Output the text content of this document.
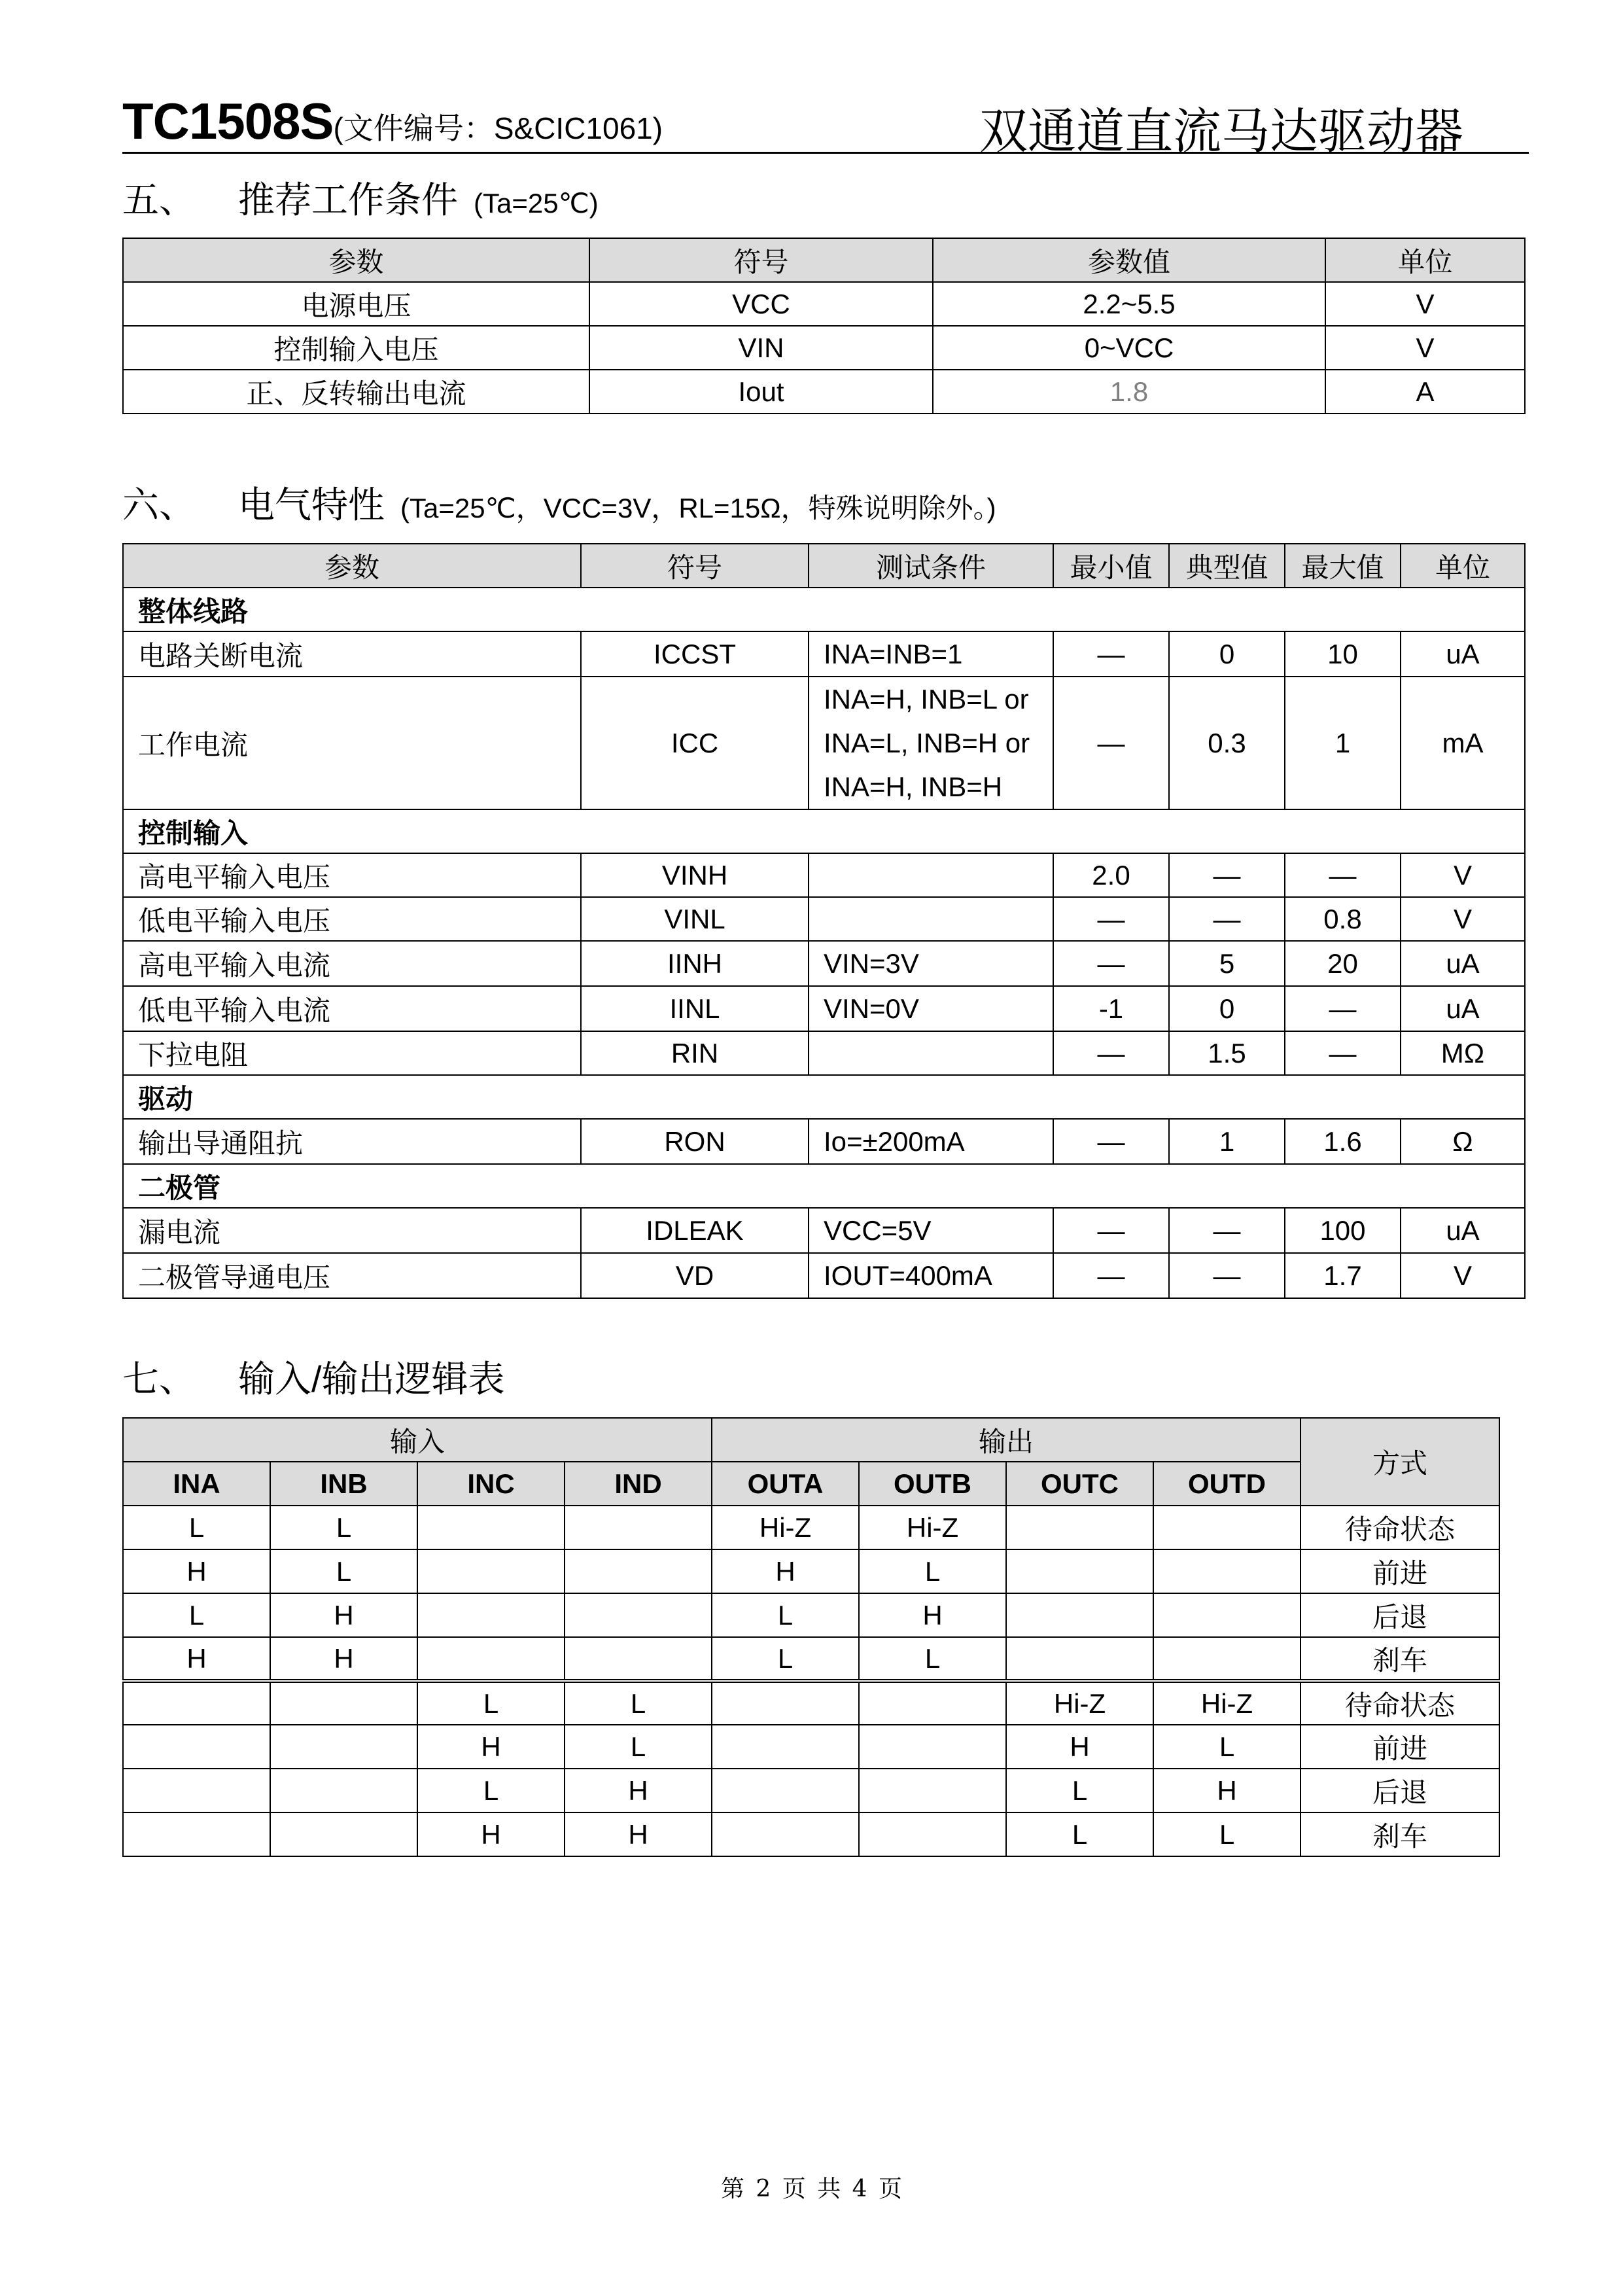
TC1508S(文件编号：S&CIC1061)	双通道直流马达驱动器
五、 推荐工作条件 (Ta=25℃)
参数	符号	参数值	单位
电源电压	VCC	2.2~5.5	V
控制输入电压	VIN	0~VCC	V
正、反转输出电流	Iout	1.8	A
六、 电气特性 (Ta=25℃，VCC=3V，RL=15Ω，特殊说明除外。)
参数	符号	测试条件	最小值	典型值	最大值	单位
整体线路						
电路关断电流	ICCST	INA=INB=1	—	0	10	uA
工作电流	ICC	INA=H, INB=L or
INA=L, INB=H or
INA=H, INB=H	—	0.3	1	mA
控制输入						
高电平输入电压	VINH		2.0	—	—	V
低电平输入电压	VINL		—	—	0.8	V
高电平输入电流	IINH	VIN=3V	—	5	20	uA
低电平输入电流	IINL	VIN=0V	-1	0	—	uA
下拉电阻	RIN		—	1.5	—	MΩ
驱动						
输出导通阻抗	RON	Io=±200mA	—	1	1.6	Ω
二极管						
漏电流	IDLEAK	VCC=5V	—	—	100	uA
二极管导通电压	VD	IOUT=400mA	—	—	1.7	V
七、 输入/输出逻辑表
输入				输出				方式
INA	INB	INC	IND	OUTA	OUTB	OUTC	OUTD	
L	L			Hi-Z	Hi-Z			待命状态
H	L			H	L			前进
L	H			L	H			后退
H	H			L	L			刹车
		L	L			Hi-Z	Hi-Z	待命状态
		H	L			H	L	前进
		L	H			L	H	后退
		H	H			L	L	刹车
第 2 页 共 4 页
